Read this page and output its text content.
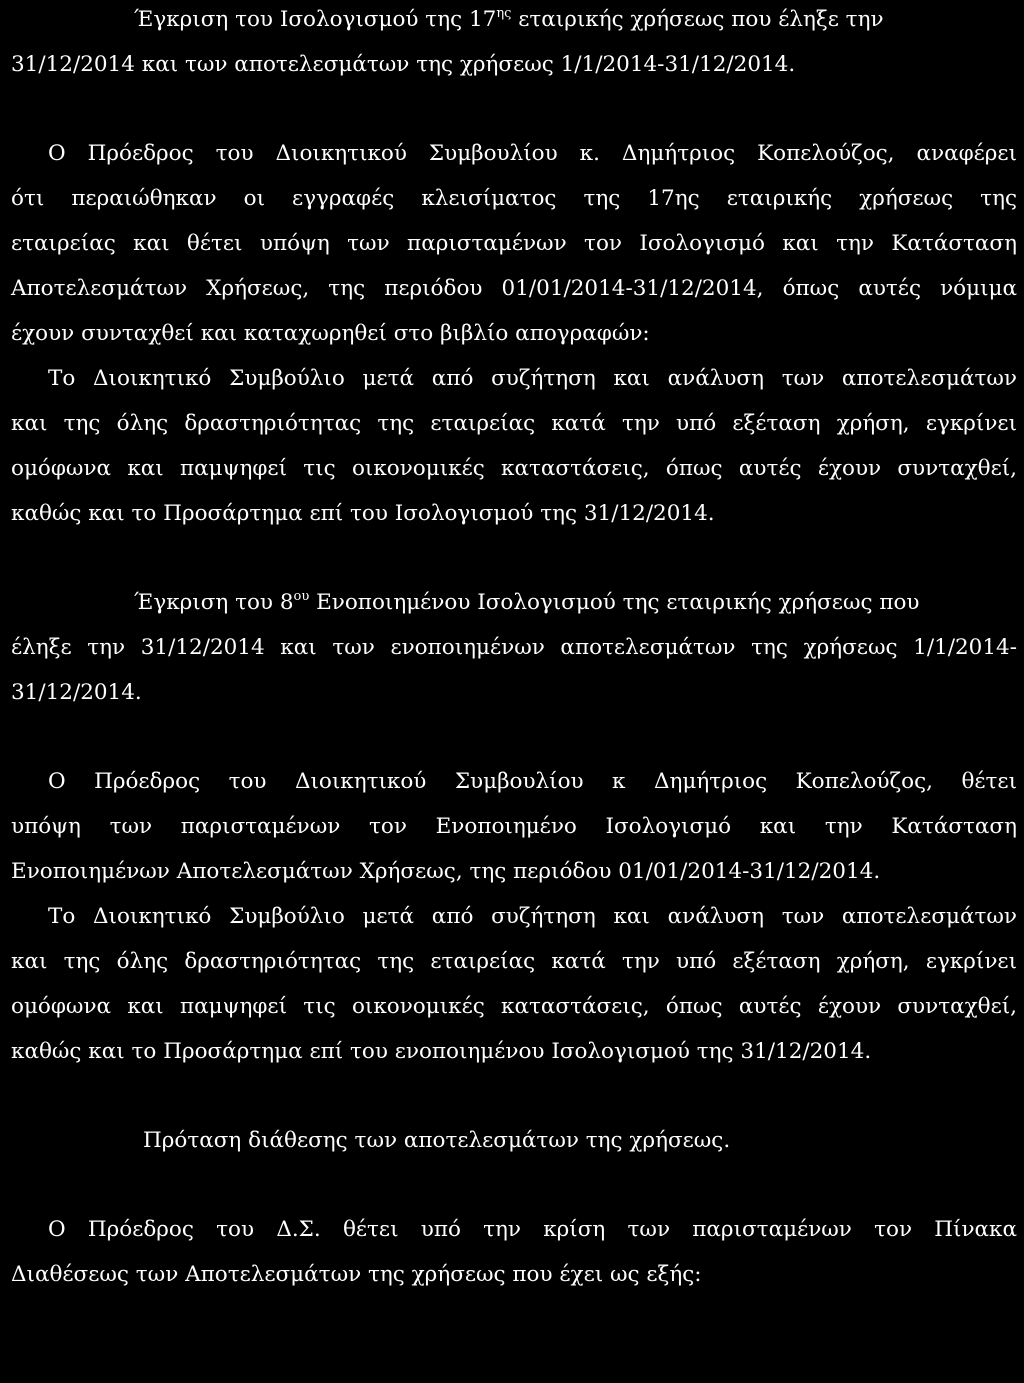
Έγκριση του Ισολογισμού της $17^{\eta\varsigma}$ εταιρικής χρήσεως που έληξε την
31/12/2014 και των αποτελεσμάτων της χρήσεως 1/1/2014-31/12/2014.
Ο Πρόεδρος του Διοικητικού Συμβουλίου κ. Δημήτριος Κοπελούζος, αναφέρει
ότι περαιώθηκαν οι εγγραφές κλεισίματος της 17ης εταιρικής χρήσεως της
εταιρείας και θέτει υπόψη των παρισταμένων τον Ισολογισμό και την Κατάσταση
Αποτελεσμάτων Χρήσεως, της περιόδου 01/01/2014-31/12/2014, όπως αυτές νόμιμα
έχουν συνταχθεί και καταχωρηθεί στο βιβλίο απογραφών:
Το Διοικητικό Συμβούλιο μετά από συζήτηση και ανάλυση των αποτελεσμάτων
και της όλης δραστηριότητας της εταιρείας κατά την υπό εξέταση χρήση, εγκρίνει
ομόφωνα και παμψηφεί τις οικονομικές καταστάσεις, όπως αυτές έχουν συνταχθεί,
καθώς και το Προσάρτημα επί του Ισολογισμού της 31/12/2014.
Έγκριση του $8^{o\upsilon}$ Ενοποιημένου Ισολογισμού της εταιρικής χρήσεως που
έληξε την 31/12/2014 και των ενοποιημένων αποτελεσμάτων της χρήσεως 1/1/2014-
31/12/2014.
Ο Πρόεδρος του Διοικητικού Συμβουλίου κ Δημήτριος Κοπελούζος, θέτει
υπόψη των παρισταμένων τον Ενοποιημένο Ισολογισμό και την Κατάσταση
Ενοποιημένων Αποτελεσμάτων Χρήσεως, της περιόδου 01/01/2014-31/12/2014.
Το Διοικητικό Συμβούλιο μετά από συζήτηση και ανάλυση των αποτελεσμάτων
και της όλης δραστηριότητας της εταιρείας κατά την υπό εξέταση χρήση, εγκρίνει
ομόφωνα και παμψηφεί τις οικονομικές καταστάσεις, όπως αυτές έχουν συνταχθεί,
καθώς και το Προσάρτημα επί του ενοποιημένου Ισολογισμού της 31/12/2014.
Πρόταση διάθεσης των αποτελεσμάτων της χρήσεως.
Ο Πρόεδρος του Δ.Σ. θέτει υπό την κρίση των παρισταμένων τον Πίνακα
Διαθέσεως των Αποτελεσμάτων της χρήσεως που έχει ως εξής:
